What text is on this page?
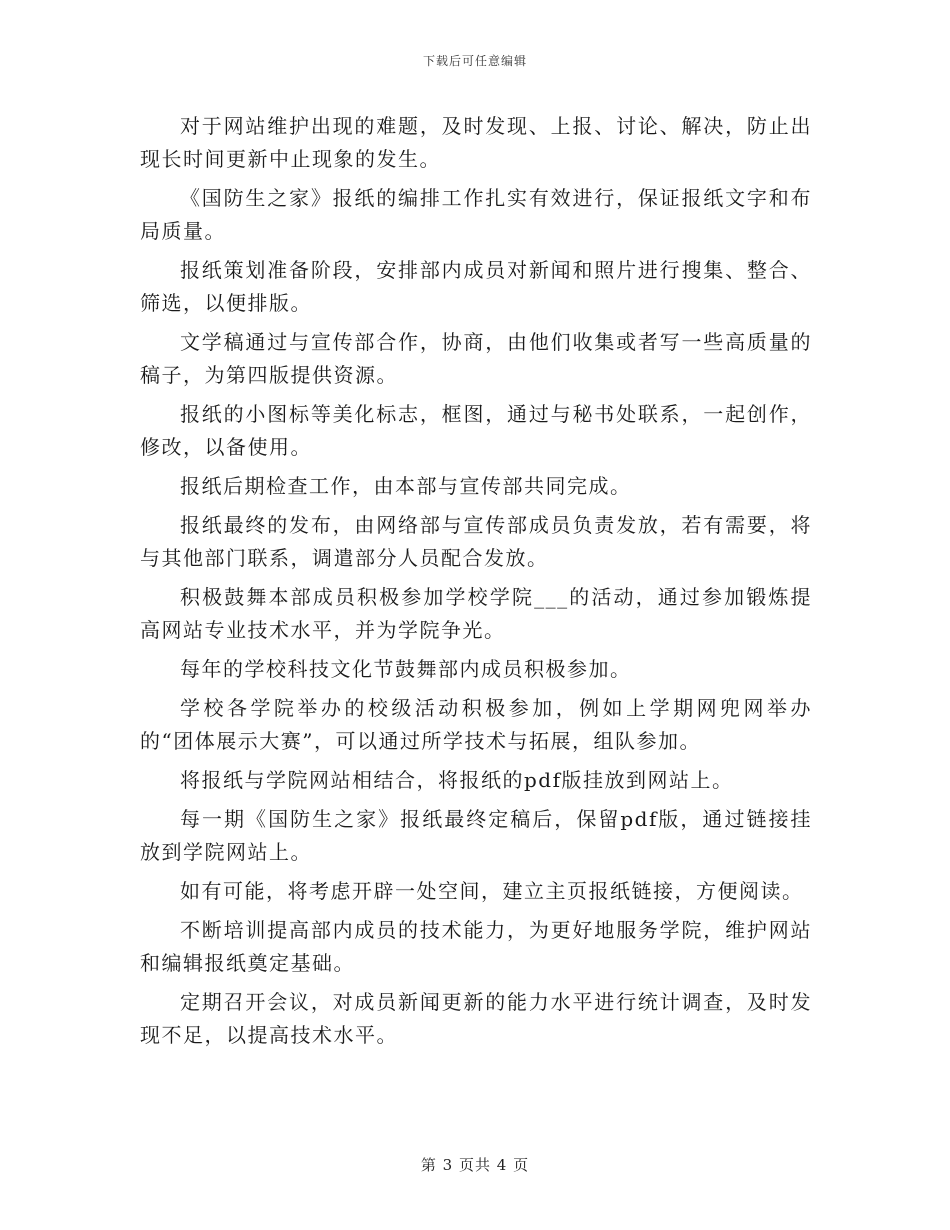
下载后可任意编辑

对于网站维护出现的难题，及时发现、上报、讨论、解决，防止出现长时间更新中止现象的发生。

《国防生之家》报纸的编排工作扎实有效进行，保证报纸文字和布局质量。

报纸策划准备阶段，安排部内成员对新闻和照片进行搜集、整合、筛选，以便排版。

文学稿通过与宣传部合作，协商，由他们收集或者写一些高质量的稿子，为第四版提供资源。

报纸的小图标等美化标志，框图，通过与秘书处联系，一起创作，修改，以备使用。

报纸后期检查工作，由本部与宣传部共同完成。

报纸最终的发布，由网络部与宣传部成员负责发放，若有需要，将与其他部门联系，调遣部分人员配合发放。

积极鼓舞本部成员积极参加学校学院___的活动，通过参加锻炼提高网站专业技术水平，并为学院争光。

每年的学校科技文化节鼓舞部内成员积极参加。

学校各学院举办的校级活动积极参加，例如上学期网兜网举办的“团体展示大赛”，可以通过所学技术与拓展，组队参加。

将报纸与学院网站相结合，将报纸的pdf版挂放到网站上。

每一期《国防生之家》报纸最终定稿后，保留pdf版，通过链接挂放到学院网站上。

如有可能，将考虑开辟一处空间，建立主页报纸链接，方便阅读。

不断培训提高部内成员的技术能力，为更好地服务学院，维护网站和编辑报纸奠定基础。

定期召开会议，对成员新闻更新的能力水平进行统计调查，及时发现不足，以提高技术水平。

第 3 页共 4 页
